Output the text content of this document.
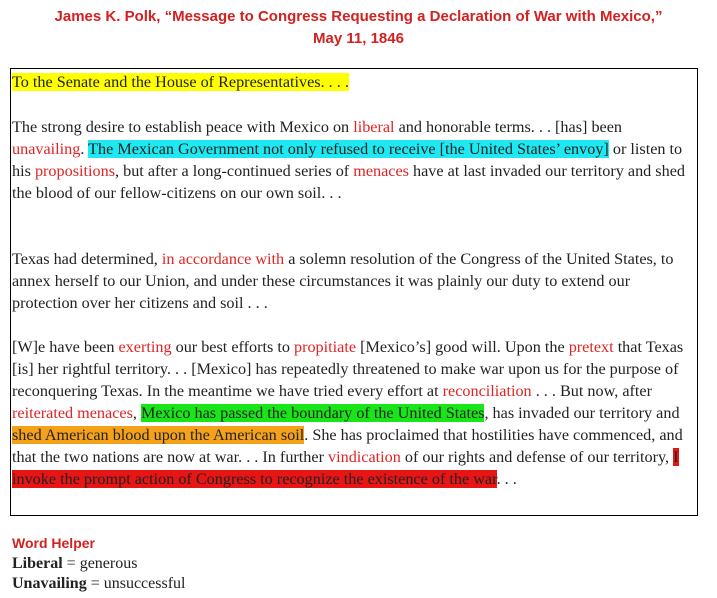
James K. Polk, “Message to Congress Requesting a Declaration of War with Mexico,”
May 11, 1846
To the Senate and the House of Representatives. . . .
The strong desire to establish peace with Mexico on liberal and honorable terms. . . [has] been unavailing. The Mexican Government not only refused to receive [the United States’ envoy] or listen to his propositions, but after a long-continued series of menaces have at last invaded our territory and shed the blood of our fellow-citizens on our own soil. . .
Texas had determined, in accordance with a solemn resolution of the Congress of the United States, to annex herself to our Union, and under these circumstances it was plainly our duty to extend our protection over her citizens and soil . . .
[W]e have been exerting our best efforts to propitiate [Mexico’s] good will. Upon the pretext that Texas [is] her rightful territory. . . [Mexico] has repeatedly threatened to make war upon us for the purpose of reconquering Texas. In the meantime we have tried every effort at reconciliation . . . But now, after reiterated menaces, Mexico has passed the boundary of the United States, has invaded our territory and shed American blood upon the American soil. She has proclaimed that hostilities have commenced, and that the two nations are now at war. . . In further vindication of our rights and defense of our territory, I invoke the prompt action of Congress to recognize the existence of the war. . .
Word Helper
Liberal = generous
Unavailing = unsuccessful
